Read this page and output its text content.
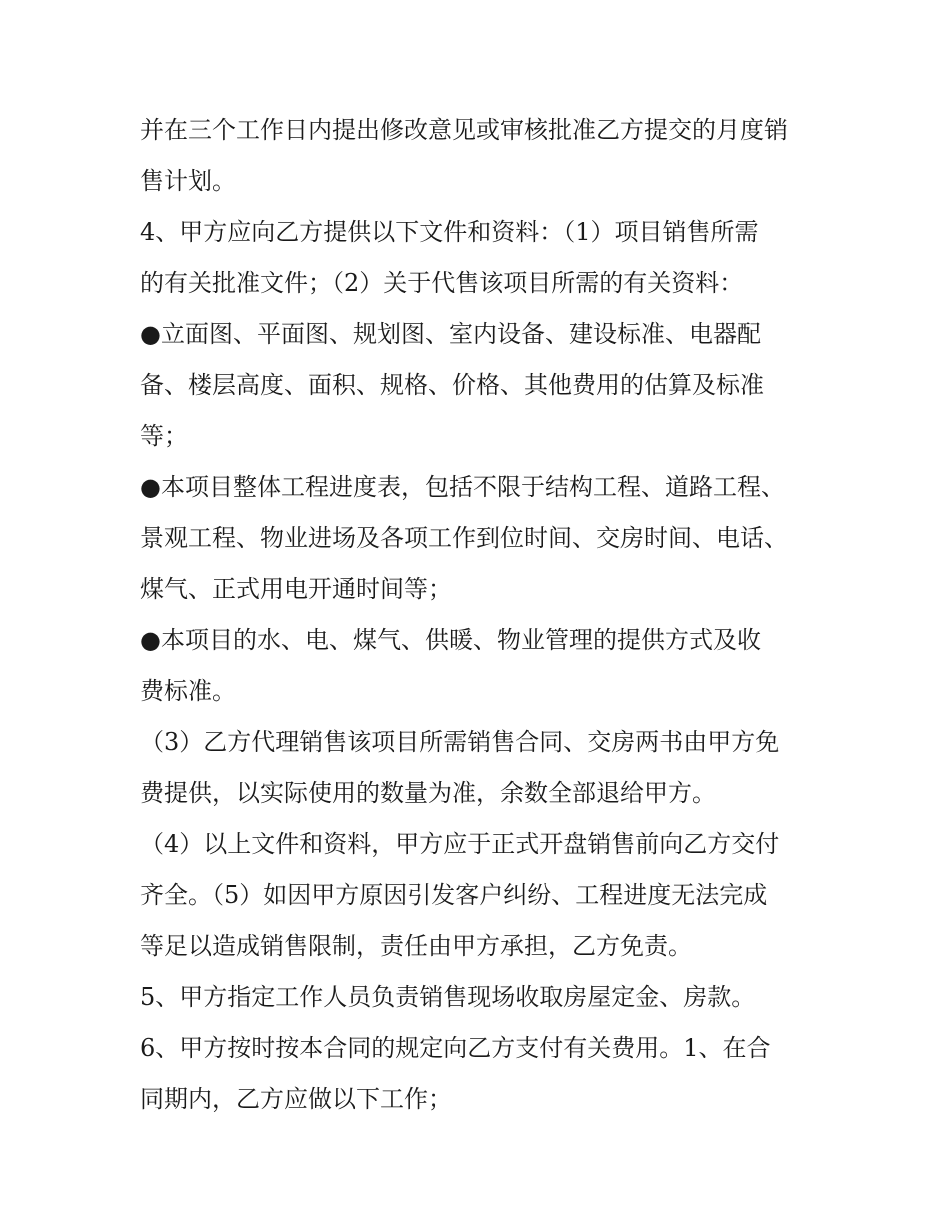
并在三个工作日内提出修改意见或审核批准乙方提交的月度销
售计划。
4、甲方应向乙方提供以下文件和资料：（1）项目销售所需
的有关批准文件；（2）关于代售该项目所需的有关资料：
●立面图、平面图、规划图、室内设备、建设标准、电器配
备、楼层高度、面积、规格、价格、其他费用的估算及标准
等；
●本项目整体工程进度表，包括不限于结构工程、道路工程、
景观工程、物业进场及各项工作到位时间、交房时间、电话、
煤气、正式用电开通时间等；
●本项目的水、电、煤气、供暖、物业管理的提供方式及收
费标准。
（3）乙方代理销售该项目所需销售合同、交房两书由甲方免
费提供，以实际使用的数量为准，余数全部退给甲方。
（4）以上文件和资料，甲方应于正式开盘销售前向乙方交付
齐全。（5）如因甲方原因引发客户纠纷、工程进度无法完成
等足以造成销售限制，责任由甲方承担，乙方免责。
5、甲方指定工作人员负责销售现场收取房屋定金、房款。
6、甲方按时按本合同的规定向乙方支付有关费用。1、在合
同期内，乙方应做以下工作；
